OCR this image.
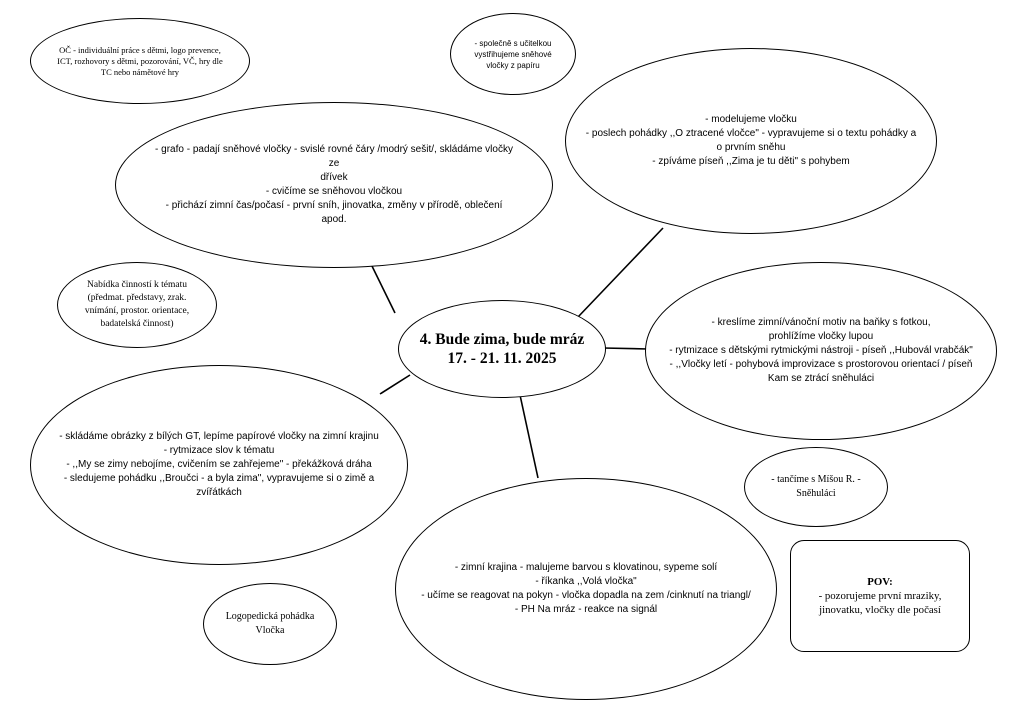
OČ - individuální práce s dětmi, logo prevence,
ICT, rozhovory s dětmi, pozorování, VČ, hry dle
TC nebo námětové hry
- společně s učitelkou
vystřihujeme sněhové
vločky z papíru
- grafo - padají sněhové vločky - svislé rovné čáry /modrý sešit/, skládáme vločky ze
dřívek
- cvičíme se sněhovou vločkou
- přichází zimní čas/počasí - první sníh, jinovatka, změny v přírodě, oblečení apod.
- modelujeme vločku
- poslech pohádky ,,O ztracené vločce" - vypravujeme si o textu pohádky a
o prvním sněhu
- zpíváme píseň ,,Zima je tu děti" s pohybem
Nabídka činností k tématu
(předmat. představy, zrak.
vnímání, prostor. orientace,
badatelská činnost)
4. Bude zima, bude mráz
17. - 21. 11. 2025
- kreslíme zimní/vánoční motiv na baňky s fotkou,
prohlížíme vločky lupou
- rytmizace s dětskými rytmickými nástroji - píseň ,,Hubovál vrabčák"
- ,,Vločky letí - pohybová improvizace s prostorovou orientací / píseň
Kam se ztrácí sněhuláci
- skládáme obrázky z bílých GT, lepíme papírové vločky na zimní krajinu
- rytmizace slov k tématu
- ,,My se zimy nebojíme, cvičením se zahřejeme" - překážková dráha
- sledujeme pohádku ,,Broučci - a byla zima", vypravujeme si o zimě a
zvířátkách
- tančíme s Míšou R. -
Sněhuláci
- zimní krajina - malujeme barvou s klovatinou, sypeme solí
- říkanka ,,Volá vločka"
- učíme se reagovat na pokyn - vločka dopadla na zem /cinknutí na triangl/
- PH Na mráz - reakce na signál
POV:
- pozorujeme první mraziky,
jinovatku, vločky dle počasí
Logopedická pohádka
Vločka
